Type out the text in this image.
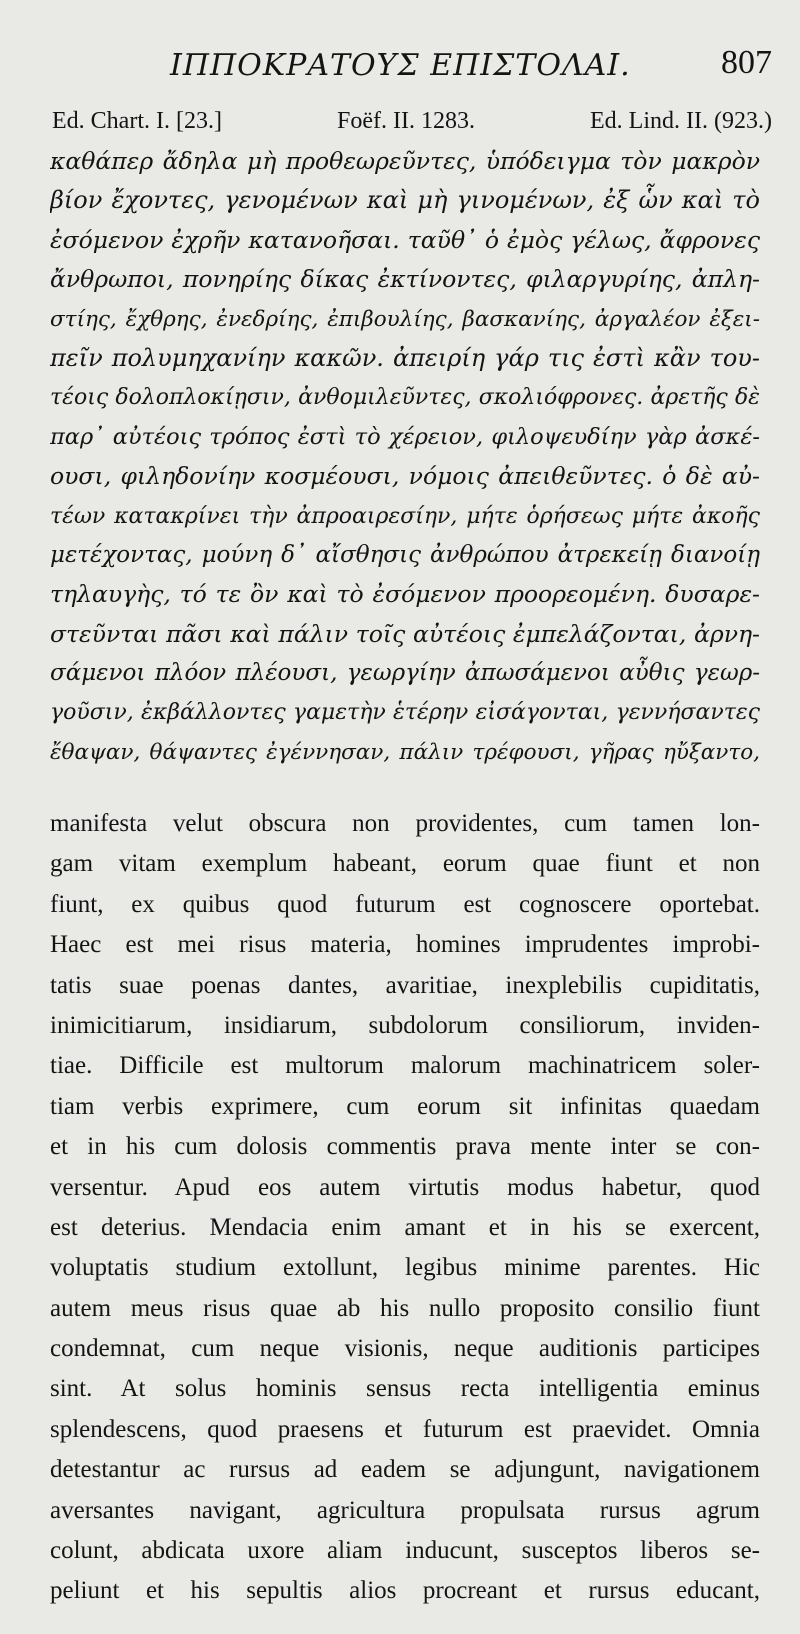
ΙΠΠΟΚΡΑΤΟΥΣ ΕΠΙΣΤΟΛΑΙ.	807
Ed. Chart. I. [23.]	Foëf. II. 1283.	Ed. Lind. II. (923.)
καθάπερ ἄδηλα μὴ προθεωρεῦντες, ὑπόδειγμα τὸν μακρὸν
βίον ἔχοντες, γενομένων καὶ μὴ γινομένων, ἐξ ὧν καὶ τὸ
ἐσόμενον ἐχρῆν κατανοῆσαι. ταῦθ᾽ ὁ ἐμὸς γέλως, ἄφρονες
ἄνθρωποι, πονηρίης δίκας ἐκτίνοντες, φιλαργυρίης, ἀπλη-
στίης, ἔχθρης, ἐνεδρίης, ἐπιβουλίης, βασκανίης, ἀργαλέον ἐξει-
πεῖν πολυμηχανίην κακῶν. ἀπειρίη γάρ τις ἐστὶ κἂν του-
τέοις δολοπλοκίῃσιν, ἀνθομιλεῦντες, σκολιόφρονες. ἀρετῆς δὲ
παρ᾽ αὐτέοις τρόπος ἐστὶ τὸ χέρειον, φιλοψευδίην γὰρ ἀσκέ-
ουσι, φιληδονίην κοσμέουσι, νόμοις ἀπειθεῦντες. ὁ δὲ αὐ-
τέων κατακρίνει τὴν ἀπροαιρεσίην, μήτε ὁρήσεως μήτε ἀκοῆς
μετέχοντας, μούνη δ᾽ αἴσθησις ἀνθρώπου ἀτρεκείῃ διανοίῃ
τηλαυγὴς, τό τε ὂν καὶ τὸ ἐσόμενον προορεομένη. δυσαρε-
στεῦνται πᾶσι καὶ πάλιν τοῖς αὐτέοις ἐμπελάζονται, ἀρνη-
σάμενοι πλόον πλέουσι, γεωργίην ἀπωσάμενοι αὖθις γεωρ-
γοῦσιν, ἐκβάλλοντες γαμετὴν ἑτέρην εἰσάγονται, γεννήσαντες
ἔθαψαν, θάψαντες ἐγέννησαν, πάλιν τρέφουσι, γῆρας ηὔξαντο,
manifesta velut obscura non providentes, cum tamen lon-
gam vitam exemplum habeant, eorum quae fiunt et non
fiunt, ex quibus quod futurum est cognoscere oportebat.
Haec est mei risus materia, homines imprudentes improbi-
tatis suae poenas dantes, avaritiae, inexplebilis cupiditatis,
inimicitiarum, insidiarum, subdolorum consiliorum, inviden-
tiae. Difficile est multorum malorum machinatricem soler-
tiam verbis exprimere, cum eorum sit infinitas quaedam
et in his cum dolosis commentis prava mente inter se con-
versentur. Apud eos autem virtutis modus habetur, quod
est deterius. Mendacia enim amant et in his se exercent,
voluptatis studium extollunt, legibus minime parentes. Hic
autem meus risus quae ab his nullo proposito consilio fiunt
condemnat, cum neque visionis, neque auditionis participes
sint. At solus hominis sensus recta intelligentia eminus
splendescens, quod praesens et futurum est praevidet. Omnia
detestantur ac rursus ad eadem se adjungunt, navigationem
aversantes navigant, agricultura propulsata rursus agrum
colunt, abdicata uxore aliam inducunt, susceptos liberos se-
peliunt et his sepultis alios procreant et rursus educant,
